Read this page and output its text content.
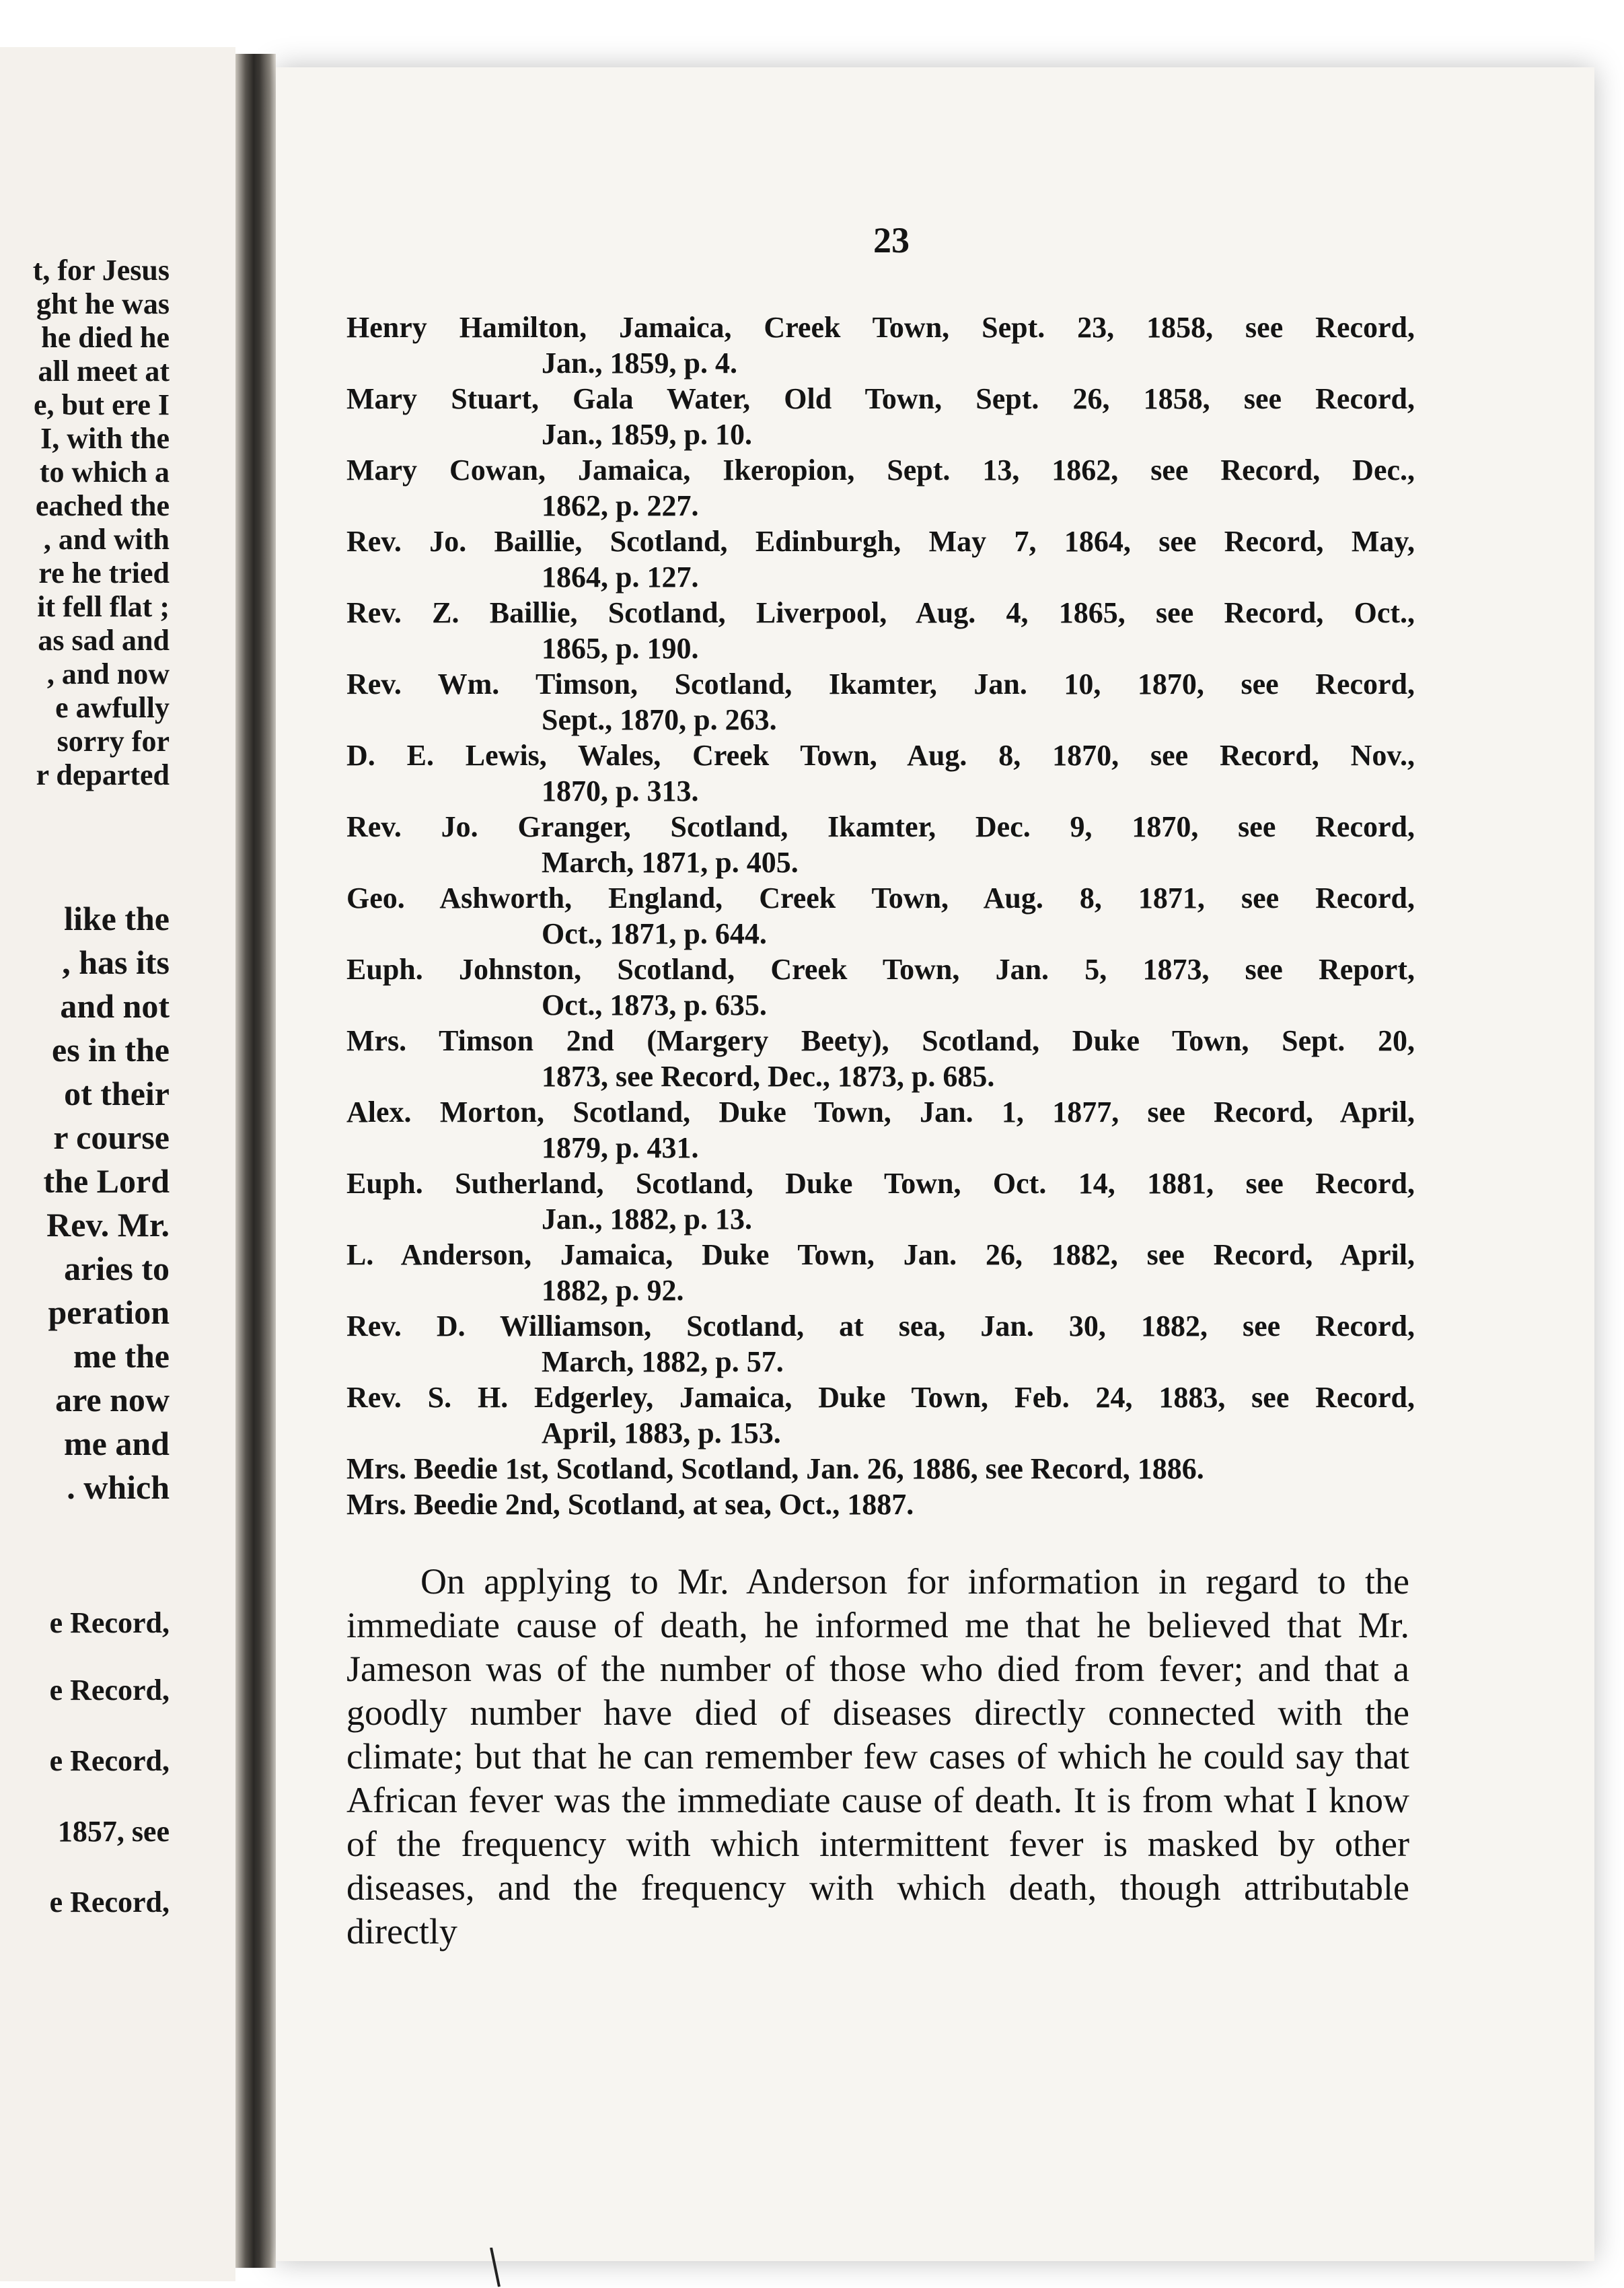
t, for Jesus
ght he was
he died he
all meet at
e, but ere I
I, with the
to which a
eached the
, and with
re he tried
it fell flat ;
as sad and
, and now
e awfully
sorry for
r departed
like the
, has its
and not
es in the
ot their
r course
the Lord
Rev. Mr.
aries to
peration
me the
are now
me and
. which
e Record,
e Record,
e Record,
1857, see
e Record,
23
Henry Hamilton, Jamaica, Creek Town, Sept. 23, 1858, see Record,
Jan., 1859, p. 4.
Mary Stuart, Gala Water, Old Town, Sept. 26, 1858, see Record,
Jan., 1859, p. 10.
Mary Cowan, Jamaica, Ikeropion, Sept. 13, 1862, see Record, Dec.,
1862, p. 227.
Rev. Jo. Baillie, Scotland, Edinburgh, May 7, 1864, see Record, May,
1864, p. 127.
Rev. Z. Baillie, Scotland, Liverpool, Aug. 4, 1865, see Record, Oct.,
1865, p. 190.
Rev. Wm. Timson, Scotland, Ikamter, Jan. 10, 1870, see Record,
Sept., 1870, p. 263.
D. E. Lewis, Wales, Creek Town, Aug. 8, 1870, see Record, Nov.,
1870, p. 313.
Rev. Jo. Granger, Scotland, Ikamter, Dec. 9, 1870, see Record,
March, 1871, p. 405.
Geo. Ashworth, England, Creek Town, Aug. 8, 1871, see Record,
Oct., 1871, p. 644.
Euph. Johnston, Scotland, Creek Town, Jan. 5, 1873, see Report,
Oct., 1873, p. 635.
Mrs. Timson 2nd (Margery Beety), Scotland, Duke Town, Sept. 20,
1873, see Record, Dec., 1873, p. 685.
Alex. Morton, Scotland, Duke Town, Jan. 1, 1877, see Record, April,
1879, p. 431.
Euph. Sutherland, Scotland, Duke Town, Oct. 14, 1881, see Record,
Jan., 1882, p. 13.
L. Anderson, Jamaica, Duke Town, Jan. 26, 1882, see Record, April,
1882, p. 92.
Rev. D. Williamson, Scotland, at sea, Jan. 30, 1882, see Record,
March, 1882, p. 57.
Rev. S. H. Edgerley, Jamaica, Duke Town, Feb. 24, 1883, see Record,
April, 1883, p. 153.
Mrs. Beedie 1st, Scotland, Scotland, Jan. 26, 1886, see Record, 1886.
Mrs. Beedie 2nd, Scotland, at sea, Oct., 1887.

On applying to Mr. Anderson for information in regard to the immediate cause of death, he informed me that he believed that Mr. Jameson was of the number of those who died from fever; and that a goodly number have died of diseases directly connected with the climate; but that he can remember few cases of which he could say that African fever was the immediate cause of death. It is from what I know of the frequency with which intermittent fever is masked by other diseases, and the frequency with which death, though attributable directly
